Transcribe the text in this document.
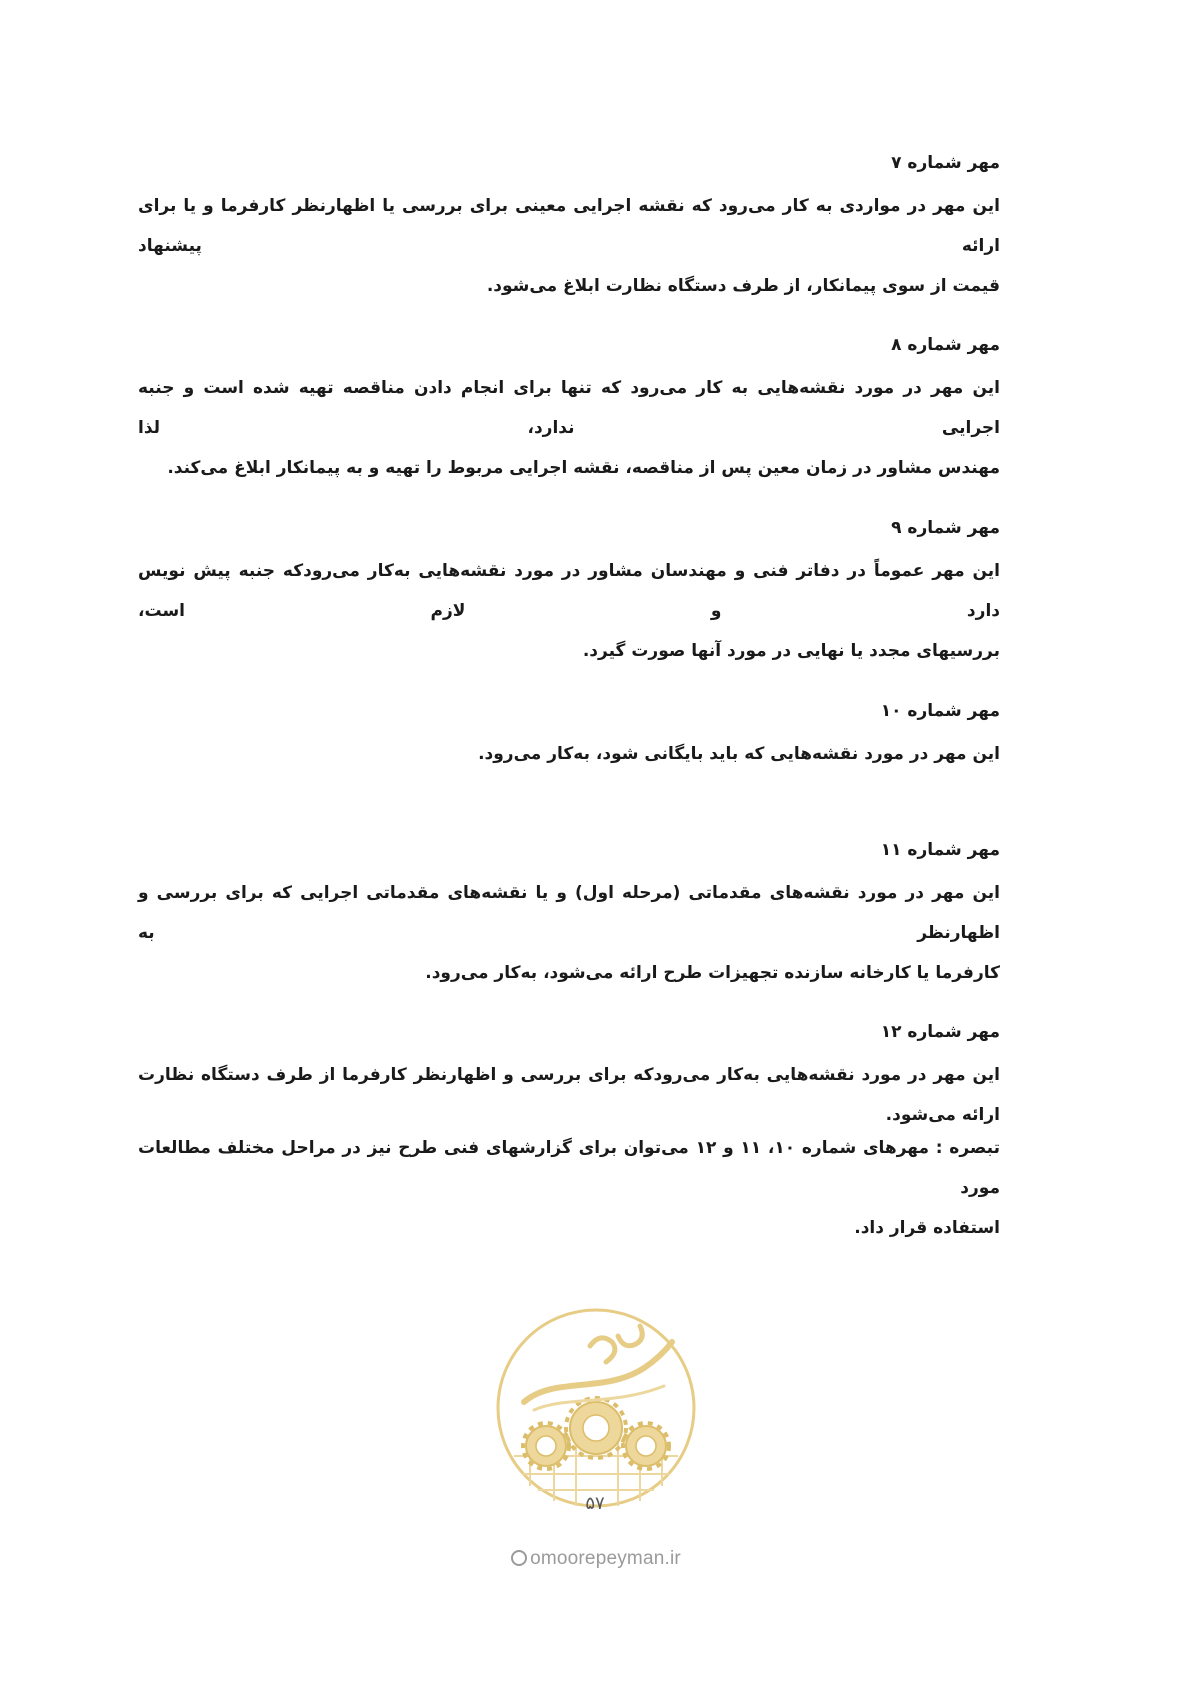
مهر شماره ۷

این مهر در مواردی به کار می‌رود که نقشه اجرایی معینی برای بررسی یا اظهارنظر کارفرما و یا برای ارائه پیشنهاد

قیمت از سوی پیمانکار، از طرف دستگاه نظارت ابلاغ می‌شود.

مهر شماره ۸

این مهر در مورد نقشه‌هایی به کار می‌رود که تنها برای انجام دادن مناقصه تهیه شده است و جنبه اجرایی ندارد، لذا

مهندس مشاور در زمان معین پس از مناقصه، نقشه اجرایی مربوط را تهیه و به پیمانکار ابلاغ می‌کند.

مهر شماره ۹

این مهر عموماً در دفاتر فنی و مهندسان مشاور در مورد نقشه‌هایی به‌کار می‌رودکه جنبه پیش نویس دارد و لازم است،

بررسیهای مجدد یا نهایی در مورد آنها صورت گیرد.

مهر شماره ۱۰

این مهر در مورد نقشه‌هایی که باید بایگانی شود، به‌کار می‌رود.

مهر شماره ۱۱

این مهر در مورد نقشه‌های مقدماتی (مرحله اول) و یا نقشه‌های مقدماتی اجرایی که برای بررسی و اظهارنظر به

کارفرما یا کارخانه سازنده تجهیزات طرح ارائه می‌شود، به‌کار می‌رود.

مهر شماره ۱۲

این مهر در مورد نقشه‌هایی به‌کار می‌رودکه برای بررسی و اظهارنظر کارفرما از طرف دستگاه نظارت ارائه می‌شود.

تبصره : مهرهای شماره ۱۰، ۱۱ و ۱۲ می‌توان برای گزارشهای فنی طرح نیز در مراحل مختلف مطالعات مورد

استفاده قرار داد.

۵۷
omoorepeyman.ir
